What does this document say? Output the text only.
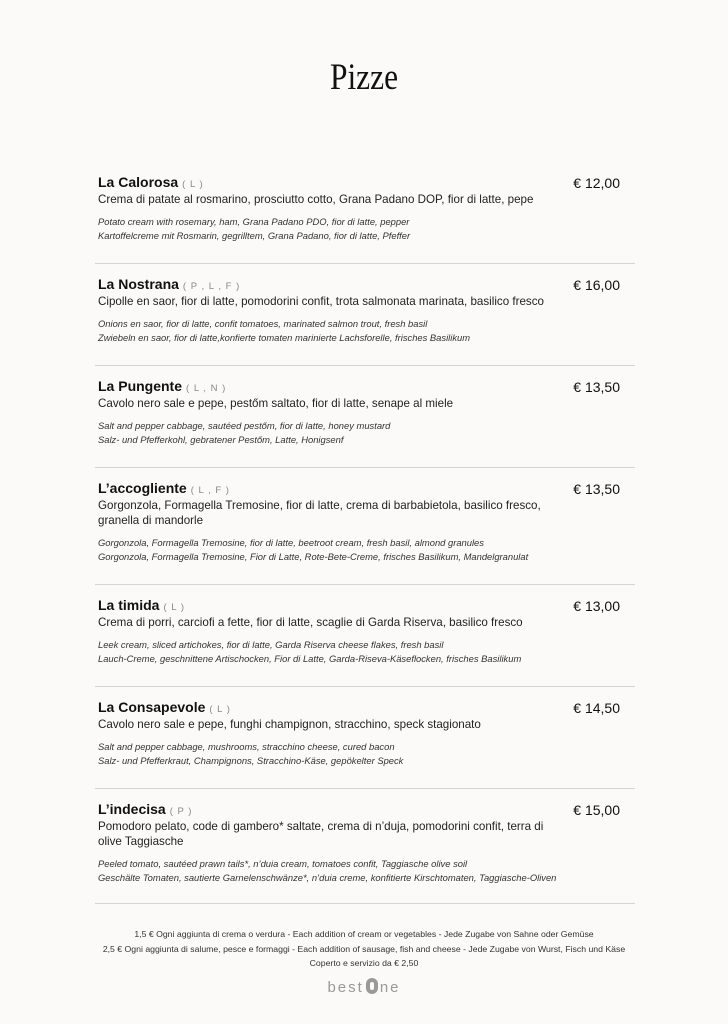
Pizze
La Calorosa ( L )	€ 12,00
Crema di patate al rosmarino, prosciutto cotto, Grana Padano DOP, fior di latte, pepe
Potato cream with rosemary, ham, Grana Padano PDO, fior di latte, pepper
Kartoffelcreme mit Rosmarin, gegrilltem, Grana Padano, fior di latte, Pfeffer
La Nostrana ( P , L , F )	€ 16,00
Cipolle en saor, fior di latte, pomodorini confit, trota salmonata marinata, basilico fresco
Onions en saor, fior di latte, confit tomatoes, marinated salmon trout, fresh basil
Zwiebeln en saor, fior di latte,konfierte tomaten marinierte Lachsforelle, frisches Basilikum
La Pungente ( L , N )	€ 13,50
Cavolo nero sale e pepe, pestőm saltato, fior di latte, senape al miele
Salt and pepper cabbage, sautéed pestőm, fior di latte, honey mustard
Salz- und Pfefferkohl, gebratener Pestőm, Latte, Honigsenf
L’accogliente ( L , F )	€ 13,50
Gorgonzola, Formagella Tremosine, fior di latte, crema di barbabietola, basilico fresco, granella di mandorle
Gorgonzola, Formagella Tremosine, fior di latte, beetroot cream, fresh basil, almond granules
Gorgonzola, Formagella Tremosine, Fior di Latte, Rote-Bete-Creme, frisches Basilikum, Mandelgranulat
La timida ( L )	€ 13,00
Crema di porri, carciofi a fette, fior di latte, scaglie di Garda Riserva, basilico fresco
Leek cream, sliced artichokes, fior di latte, Garda Riserva cheese flakes, fresh basil
Lauch-Creme, geschnittene Artischocken, Fior di Latte, Garda-Riseva-Käseflocken, frisches Basilikum
La Consapevole ( L )	€ 14,50
Cavolo nero sale e pepe, funghi champignon, stracchino, speck stagionato
Salt and pepper cabbage, mushrooms, stracchino cheese, cured bacon
Salz- und Pfefferkraut, Champignons, Stracchino-Käse, gepökelter Speck
L’indecisa ( P )	€ 15,00
Pomodoro pelato, code di gambero* saltate, crema di n’duja, pomodorini confit, terra di olive Taggiasche
Peeled tomato, sautéed prawn tails*, n’duia cream, tomatoes confit, Taggiasche olive soil
Geschälte Tomaten, sautierte Garnelenschwänze*, n’duia creme, konfitierte Kirschtomaten, Taggiasche-Oliven
1,5 € Ogni aggiunta di crema o verdura - Each addition of cream or vegetables - Jede Zugabe von Sahne oder Gemüse
2,5 € Ogni aggiunta di salume, pesce e formaggi - Each addition of sausage, fish and cheese - Jede Zugabe von Wurst, Fisch und Käse
Coperto e servizio da € 2,50
best ne
